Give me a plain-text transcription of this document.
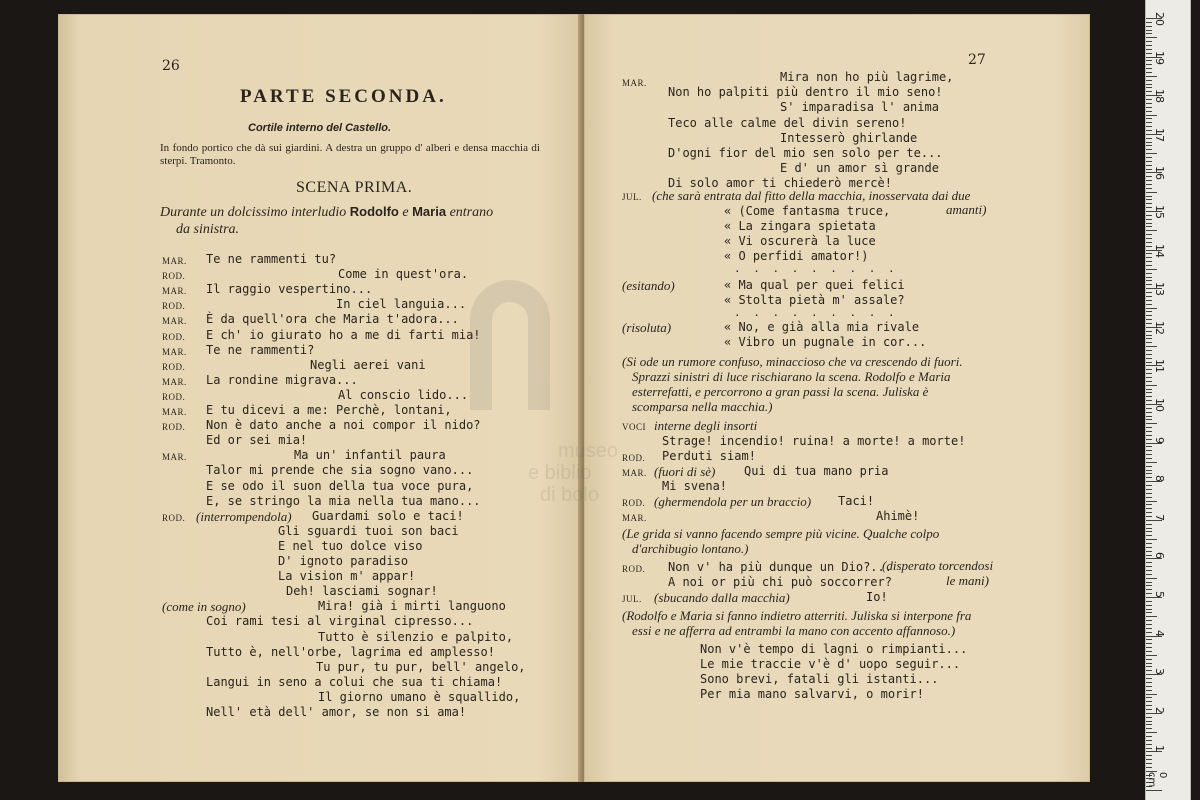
26
PARTE SECONDA.
Cortile interno del Castello.
In fondo portico che dà sui giardini. A destra un gruppo d' alberi e densa macchia di sterpi. Tramonto.
SCENA PRIMA.
Durante un dolcissimo interludio Rodolfo e Maria entrano
da sinistra.
MAR. Te ne rammenti tu?
ROD.	Come in quest'ora.
MAR. Il raggio vespertino...
ROD.	In ciel languia...
MAR. È da quell'ora che Maria t'adora...
ROD. E ch' io giurato ho a me di farti mia!
MAR. Te ne rammenti?
ROD.	Negli aerei vani
MAR. La rondine migrava...
ROD.	Al conscio lido...
MAR. E tu dicevi a me: Perchè, lontani,
ROD. Non è dato anche a noi compor il nido?
Ed or sei mia!
MAR.	Ma un' infantil paura
Talor mi prende che sia sogno vano...
E se odo il suon della tua voce pura,
E, se stringo la mia nella tua mano...
ROD. (interrompendola) Guardami solo e taci!
Gli sguardi tuoi son baci
E nel tuo dolce viso
D' ignoto paradiso
La vision m' appar!
Deh! lasciami sognar!
(come in sogno)	Mira! già i mirti languono
Coi rami tesi al virginal cipresso...
Tutto è silenzio e palpito,
Tutto è, nell'orbe, lagrima ed amplesso!
Tu pur, tu pur, bell' angelo,
Langui in seno a colui che sua ti chiama!
Il giorno umano è squallido,
Nell' età dell' amor, se non si ama!
27
MAR.	Mira non ho più lagrime,
Non ho palpiti più dentro il mio seno!
S' imparadisa l' anima
Teco alle calme del divin sereno!
Intesserò ghirlande
D'ogni fior del mio sen solo per te...
E d' un amor sì grande
Di solo amor ti chiederò mercè!
JUL. (che sarà entrata dal fitto della macchia, inosservata dai due
amanti)
« (Come fantasma truce,
« La zingara spietata
« Vi oscurerà la luce
« O perfidi amator!)
. . . . . . . . .
(esitando)	« Ma qual per quei felici
« Stolta pietà m' assale?
. . . . . . . . .
(risoluta)	« No, e già alla mia rivale
« Vibro un pugnale in cor...
(Si ode un rumore confuso, minaccioso che va crescendo di fuori.
Sprazzi sinistri di luce rischiarano la scena. Rodolfo e Maria
esterrefatti, e percorrono a gran passi la scena. Juliska è
scomparsa nella macchia.)
VOCI interne degli insorti
Strage! incendio! ruina! a morte! a morte!
ROD. Perduti siam!
MAR. (fuori di sè) Qui di tua mano pria
Mi svena!
ROD. (ghermendola per un braccio) Taci!
MAR.	Ahimè!
(Le grida si vanno facendo sempre più vicine. Qualche colpo
d'archibugio lontano.)
ROD. Non v' ha più dunque un Dio?...
(disperato torcendosi
A noi or più chi può soccorrer?	le mani)
JUL. (sbucando dalla macchia)	Io!
(Rodolfo e Maria si fanno indietro atterriti. Juliska si interpone fra
essi e ne afferra ad entrambi la mano con accento affannoso.)
Non v'è tempo di lagni o rimpianti...
Le mie traccie v'è d' uopo seguir...
Sono brevi, fatali gli istanti...
Per mia mano salvarvi, o morir!
museo
e biblio
di bolo
1
2
3
4
5
6
7
8
9
10
11
12
13
14
15
16
17
18
19
20
0 cm
